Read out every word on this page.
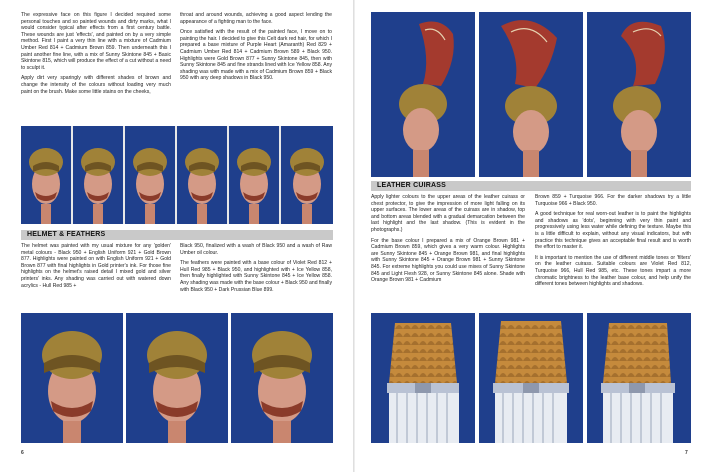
The expressive face on this figure I decided required some personal touches and so painted wounds and dirty marks, what I would consider typical after effects from a first century battle. These wounds are just 'effects', and painted on by a very simple method. First I paint a very thin line with a mixture of Cadmium Umber Red 814 + Cadmium Brown 859. Then underneath this I paint another fine line, with a mix of Sunny Skintone 845 + Basic Skintone 815, which will produce the effect of a cut without a need to sculpt it.

Apply dirt very sparingly with different shades of brown and change the intensity of the colours without loading very much paint on the brush. Make some little stains on the cheeks,

throat and around wounds, achieving a good aspect lending the appearance of a fighting man to the face.

Once satisfied with the result of the painted face, I move on to painting the hair. I decided to give this Celt dark red hair, for which I prepared a base mixture of Purple Heart (Amaranth) Red 829 + Cadmium Umber Red 814 + Cadmium Brown 589 + Black 950. Highlights were Gold Brown 877 + Sunny Skintone 845, then with Sunny Skintone 845 and fine strands lined with Ice Yellow 858. Any shading was with made with a mix of Cadmium Brown 859 + Black 950 with any deep shadows in Black 950.

HELMET & FEATHERS

The helmet was painted with my usual mixture for any 'golden' metal colours - Black 950 + English Uniform 921 + Gold Brown 877. Highlights were painted on with English Uniform 921 + Gold Brown 877 with final highlights in Gold printer's ink. For those fine highlights on the helmet's raised detail I mixed gold and silver printers' inks. Any shading was carried out with watered down acrylics - Hull Red 985 +

Black 950, finalized with a wash of Black 950 and a wash of Raw Umber oil colour.

The feathers were painted with a base colour of Violet Red 812 + Hull Red 985 + Black 950, and highlighted with + Ice Yellow 858, then finally highlighted with Sunny Skintone 845 + Ice Yellow 858. Any shading was made with the base colour + Black 950 and finally with Black 950 + Dark Prussian Blue 899.

6
LEATHER CUIRASS

Apply lighter colours to the upper areas of the leather cuirass or chest protector, to give the impression of more light falling on its upper surfaces. The lower areas of the cuirass are in shadow, top and bottom areas blended with a gradual demarcation between the last highlight and the last shadow. (This is evident in the photographs.)

For the base colour I prepared a mix of Orange Brown 981 + Cadmium Brown 859, which gives a very warm colour. Highlights are Sunny Skintone 845 + Orange Brown 981, and final highlights with Sunny Skintone 845 + Orange Brown 981 + Sunny Skintone 845. For extreme highlights you could use mixes of Sunny Skintone 845 and Light Flesh 928, or Sunny Skintone 845 alone. Shade with Orange Brown 981 + Cadmium

Brown 859 + Turquoise 966. For the darker shadows try a little Turquoise 966 + Black 950.

A good technique for real worn-out leather is to paint the highlights and shadows as 'dots', beginning with very thin paint and progressively using less water while defining the texture. Maybe this is a little difficult to explain, without any visual indicators, but with practice this technique gives an acceptable final result and is worth the effort to master it.

It is important to mention the use of different middle tones or 'filters' on the leather cuirass. Suitable colours are Violet Red 812, Turquoise 966, Hull Red 985, etc. These tones impart a more chromatic brightness to the leather base colour, and help unify the different tones between highlights and shadows.

7
